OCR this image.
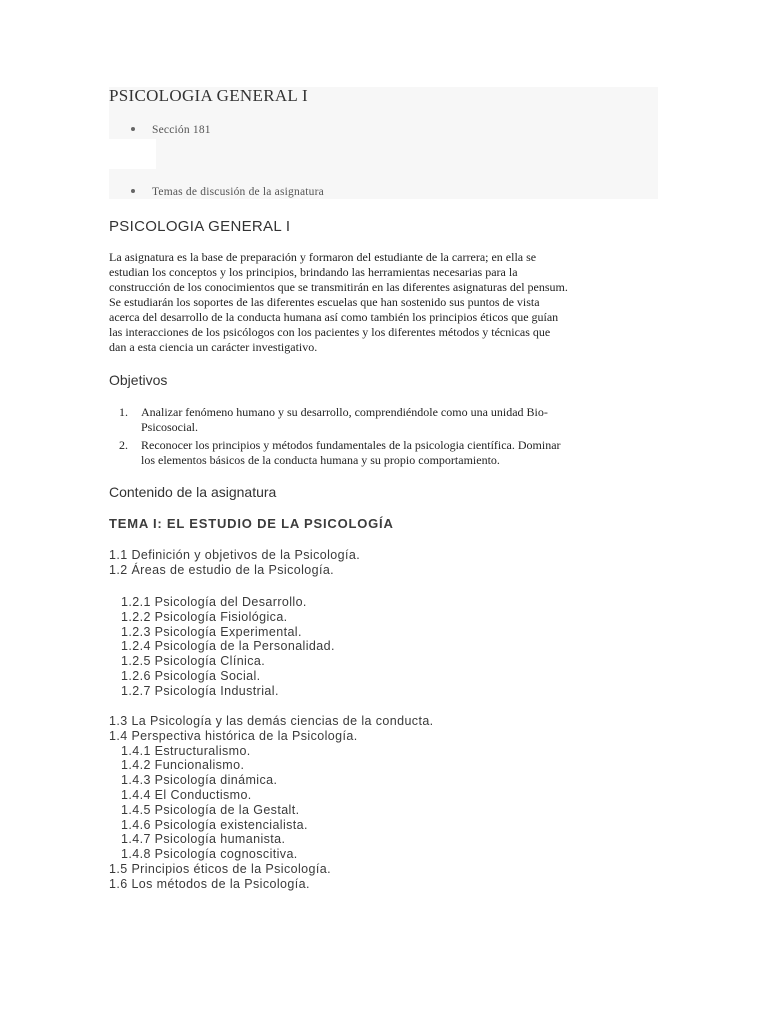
PSICOLOGIA GENERAL I
Sección 181
Temas de discusión de la asignatura
PSICOLOGIA GENERAL I
La asignatura es la base de preparación y formaron del estudiante de la carrera; en ella se
estudian los conceptos y los principios, brindando las herramientas necesarias para la
construcción de los conocimientos que se transmitirán en las diferentes asignaturas del pensum.
Se estudiarán los soportes de las diferentes escuelas que han sostenido sus puntos de vista
acerca del desarrollo de la conducta humana así como también los principios éticos que guían
las interacciones de los psicólogos con los pacientes y los diferentes métodos y técnicas que
dan a esta ciencia un carácter investigativo.
Objetivos
1. Analizar fenómeno humano y su desarrollo, comprendiéndole como una unidad Bio-
Psicosocial.
2. Reconocer los principios y métodos fundamentales de la psicologia científica. Dominar
los elementos básicos de la conducta humana y su propio comportamiento.
Contenido de la asignatura
TEMA I: EL ESTUDIO DE LA PSICOLOGÍA
1.1 Definición y objetivos de la Psicología.
1.2 Áreas de estudio de la Psicología.
1.2.1 Psicología del Desarrollo.
1.2.2 Psicología Fisiológica.
1.2.3 Psicología Experimental.
1.2.4 Psicología de la Personalidad.
1.2.5 Psicología Clínica.
1.2.6 Psicología Social.
1.2.7 Psicología Industrial.
1.3 La Psicología y las demás ciencias de la conducta.
1.4 Perspectiva histórica de la Psicología.
1.4.1 Estructuralismo.
1.4.2 Funcionalismo.
1.4.3 Psicología dinámica.
1.4.4 El Conductismo.
1.4.5 Psicología de la Gestalt.
1.4.6 Psicología existencialista.
1.4.7 Psicología humanista.
1.4.8 Psicología cognoscitiva.
1.5 Principios éticos de la Psicología.
1.6 Los métodos de la Psicología.
